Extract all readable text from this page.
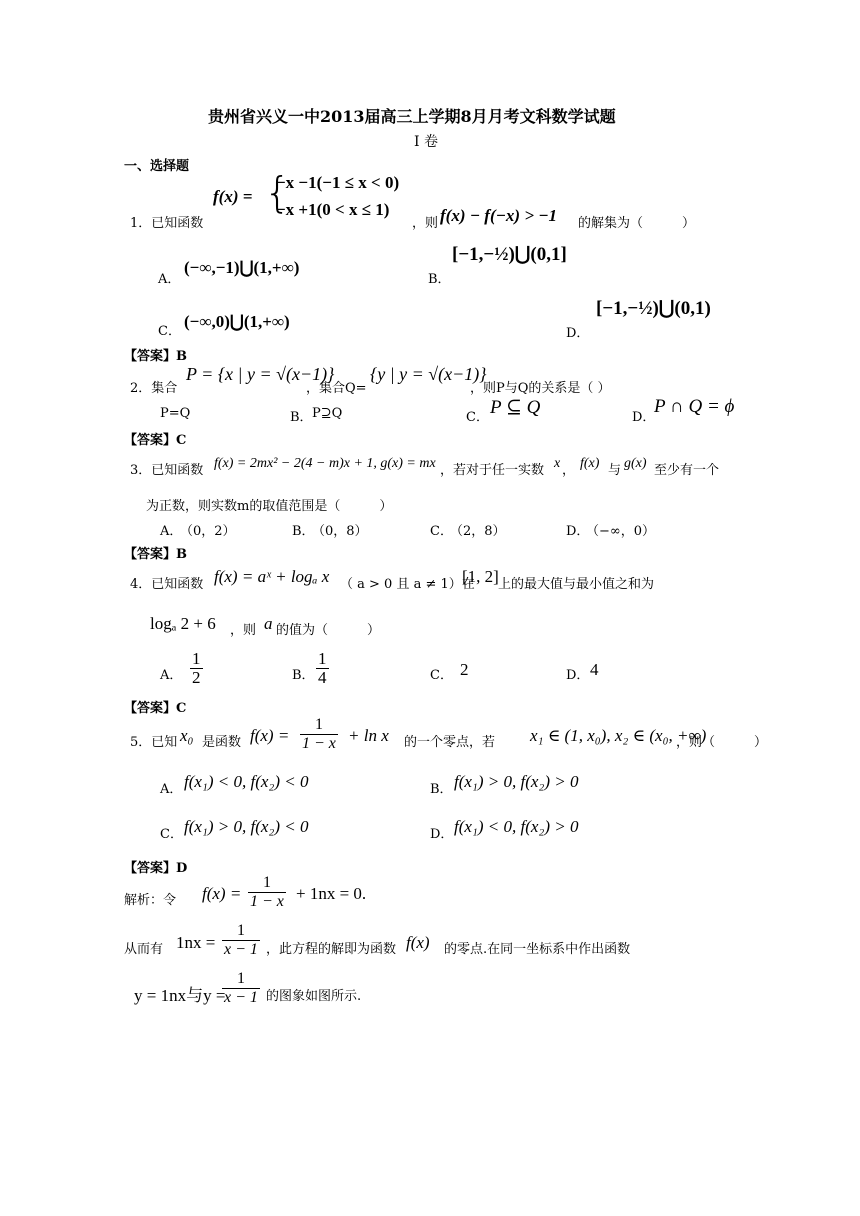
贵州省兴义一中2013届高三上学期8月月考文科数学试题
Ⅰ 卷
一、选择题
f(x) = {
−x −1(−1 ≤ x < 0)
−x +1(0 < x ≤ 1)
1．已知函数	，则 f(x) − f(−x) > −1 的解集为（　　　）
A．
(−∞,−1)⋃(1,+∞)
B．
[−1,−½)⋃(0,1]
C．
(−∞,0)⋃(1,+∞)
D．
[−1,−½)⋃(0,1)
【答案】B
2．集合
P = {x | y = √(x−1)}
，集合Q=
{y | y = √(x−1)}
，则P与Q的关系是（ ）
P=Q	B． P⊇Q	C． P ⊆ Q	D．
P ∩ Q = ϕ
【答案】C
3．已知函数 f(x) = 2mx² − 2(4 − m)x + 1, g(x) = mx ，若对于任一实数 x ， f(x) 与 g(x) 至少有一个
为正数，则实数m的取值范围是（　　　）
A．
（0，2）	B．
（0，8）	C．
（2，8）	D．
（−∞，0）
【答案】B
4．已知函数 f(x) = aˣ + logₐ x （ a > 0 且 a ≠ 1）在
[1, 2] 上的最大值与最小值之和为
logₐ 2 + 6 ，则 a 的值为（　　　）
A． $\frac{1}{2}$	B． $\frac{1}{4}$	C． 2	D． 4
【答案】C
5．已知 x₀ 是函数 $f(x) = \frac{1}{1 - x} + \ln x$ 的一个零点，若 x₁ ∈ (1, x₀), x₂ ∈ (x₀, +∞)
，则（　　　）
A． f(x₁) < 0, f(x₂) < 0	B． f(x₁) > 0, f(x₂) > 0
C． f(x₁) > 0, f(x₂) < 0	D． f(x₁) < 0, f(x₂) > 0
【答案】D
解析：令 $f(x) = \frac{1}{1 - x} + 1nx = 0$.
从而有 $1nx = \frac{1}{x - 1}$ ，此方程的解即为函数 f(x) 的零点.在同一坐标系中作出函数
y = 1nx与y =
$\frac{1}{x - 1}$ 的图象如图所示.
